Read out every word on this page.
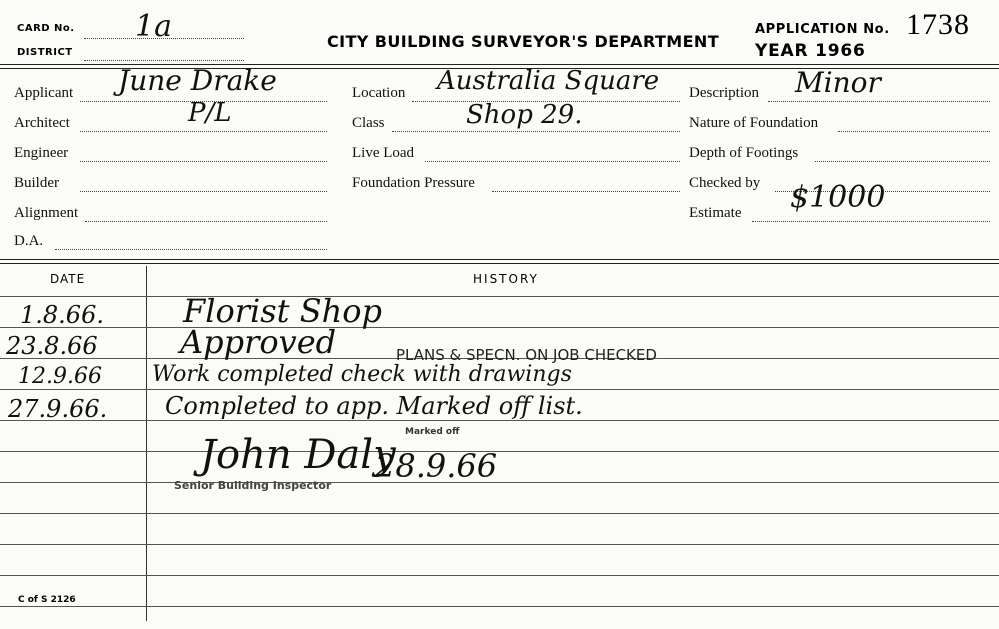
CARD No. 1a
DISTRICT
CITY BUILDING SURVEYOR'S DEPARTMENT
APPLICATION No. 1738
YEAR 1966
Applicant June Drake
Architect	P/L
Engineer
Builder
Alignment
D.A.
Location Australia Square
Class	Shop 29.
Live Load
Foundation Pressure
Description Minor
Nature of Foundation
Depth of Footings
Checked by
Estimate $1000
DATE	HISTORY
1.8.66. Florist Shop
23.8.66	Approved	PLANS & SPECN. ON JOB CHECKED
12.9.66 Work completed check with drawings
27.9.66. Completed to app. Marked off list.
Marked off
John Daly
28.9.66
Senior Building Inspector
C of S 2126
